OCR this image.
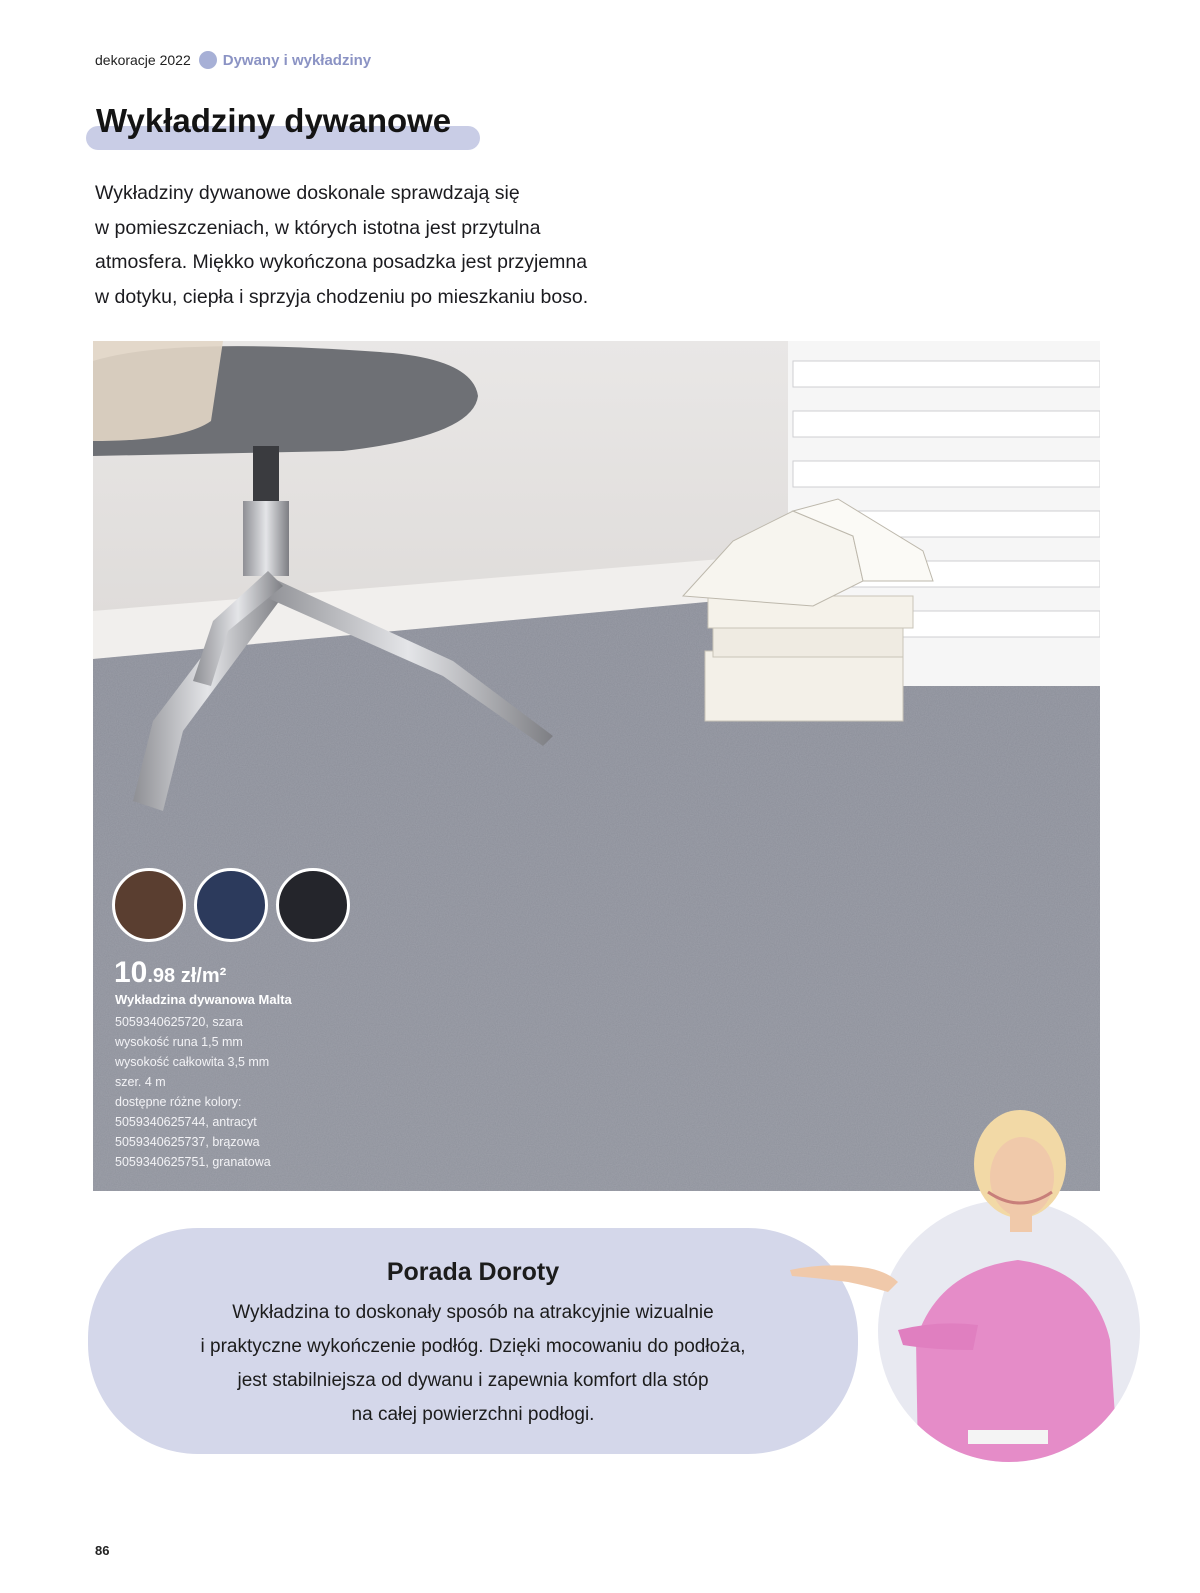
dekoracje 2022 Dywany i wykładziny
Wykładziny dywanowe
Wykładziny dywanowe doskonale sprawdzają się
w pomieszczeniach, w których istotna jest przytulna
atmosfera. Miękko wykończona posadzka jest przyjemna
w dotyku, ciepła i sprzyja chodzeniu po mieszkaniu boso.
10.98 zł/m²
Wykładzina dywanowa Malta
5059340625720, szara
wysokość runa 1,5 mm
wysokość całkowita 3,5 mm
szer. 4 m
dostępne różne kolory:
5059340625744, antracyt
5059340625737, brązowa
5059340625751, granatowa
Porada Doroty
Wykładzina to doskonały sposób na atrakcyjnie wizualnie
i praktyczne wykończenie podłóg. Dzięki mocowaniu do podłoża,
jest stabilniejsza od dywanu i zapewnia komfort dla stóp
na całej powierzchni podłogi.
86
